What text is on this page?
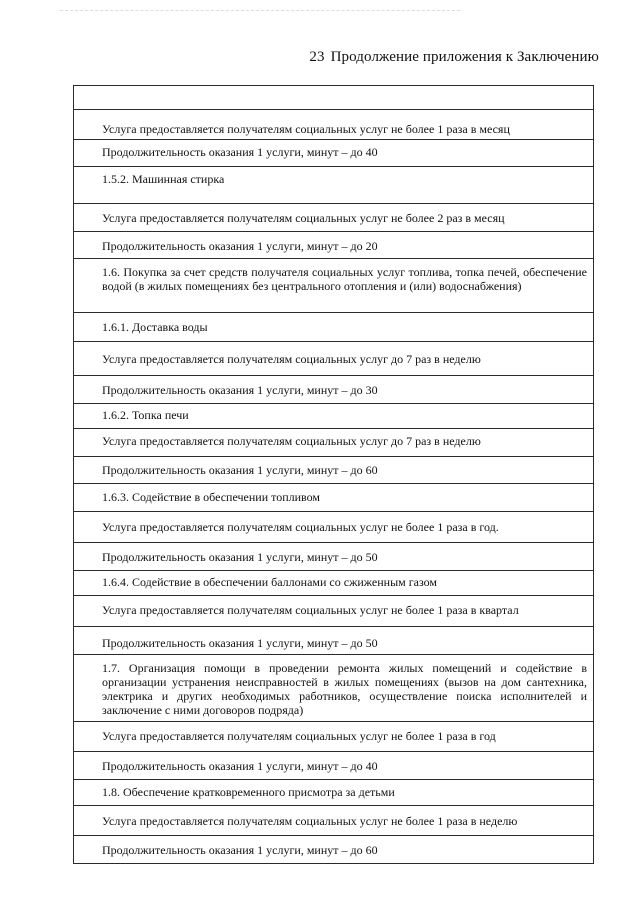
23 Продолжение приложения к Заключению

Услуга предоставляется получателям социальных услуг не более 1 раза в месяц

Продолжительность оказания 1 услуги, минут – до 40

1.5.2. Машинная стирка

Услуга предоставляется получателям социальных услуг не более 2 раз в месяц

Продолжительность оказания 1 услуги, минут – до 20

1.6. Покупка за счет средств получателя социальных услуг топлива, топка печей, обеспечение водой (в жилых помещениях без центрального отопления и (или) водоснабжения)

1.6.1. Доставка воды

Услуга предоставляется получателям социальных услуг до 7 раз в неделю

Продолжительность оказания 1 услуги, минут – до 30

1.6.2. Топка печи

Услуга предоставляется получателям социальных услуг до 7 раз в неделю

Продолжительность оказания 1 услуги, минут – до 60

1.6.3. Содействие в обеспечении топливом

Услуга предоставляется получателям социальных услуг не более 1 раза в год.

Продолжительность оказания 1 услуги, минут – до 50

1.6.4. Содействие в обеспечении баллонами со сжиженным газом

Услуга предоставляется получателям социальных услуг не более 1 раза в квартал

Продолжительность оказания 1 услуги, минут – до 50

1.7. Организация помощи в проведении ремонта жилых помещений и содействие в организации устранения неисправностей в жилых помещениях (вызов на дом сантехника, электрика и других необходимых работников, осуществление поиска исполнителей и заключение с ними договоров подряда)

Услуга предоставляется получателям социальных услуг не более 1 раза в год

Продолжительность оказания 1 услуги, минут – до 40

1.8. Обеспечение кратковременного присмотра за детьми

Услуга предоставляется получателям социальных услуг не более 1 раза в неделю

Продолжительность оказания 1 услуги, минут – до 60
